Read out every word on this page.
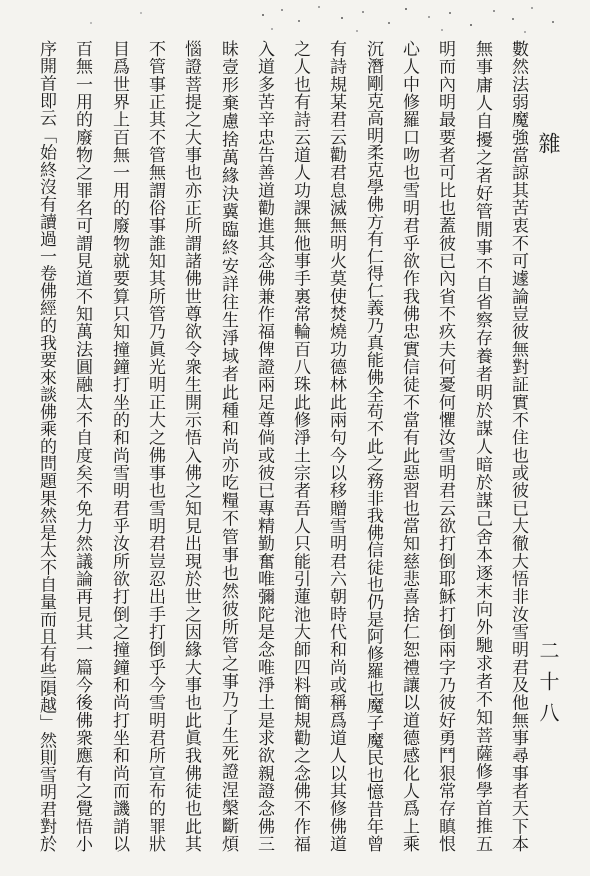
雜
二十八
數然法弱魔強當諒其苦衷不可遽論豈彼無對証實不住也或彼已大徹大悟非汝雪明君及他無事尋事者天下本
無事庸人自擾之者好管閒事不自省察存養者明於謀人暗於謀己舍本逐末向外馳求者不知菩薩修學首推五
明而內明最要者可比也蓋彼已內省不疚夫何憂何懼汝雪明君云欲打倒耶穌打倒兩字乃彼好勇鬥狠常存瞋恨
心人中修羅口吻也雪明君乎欲作我佛忠實信徒不當有此惡習也當知慈悲喜捨仁恕禮讓以道德感化人爲上乘
沉潛剛克高明柔克學佛方有仁得仁義乃真能佛全苟不此之務非我佛信徒也仍是阿修羅也魔子魔民也憶昔年曾
有詩規某君云勸君息滅無明火莫使焚燒功德林此兩句今以移贈雪明君六朝時代和尚或稱爲道人以其修佛道
之人也有詩云道人功課無他事手裏常輪百八珠此修淨土宗者吾人只能引蓮池大師四料簡規勸之念佛不作福
入道多苦辛忠告善道勸進其念佛兼作福俾證兩足尊倘或彼已專精勤奮唯彌陀是念唯淨土是求欲親證念佛三
昧壹形棄慮捨萬緣決冀臨終安詳往生淨域者此種和尚亦吃糧不管事也然彼所管之事乃了生死證涅槃斷煩
惱證菩提之大事也亦正所謂諸佛世尊欲令衆生開示悟入佛之知見出現於世之因緣大事也此眞我佛徒也此其
不管事正其不管無謂俗事誰知其所管乃眞光明正大之佛事也雪明君豈忍出手打倒乎今雪明君所宣布的罪狀
目爲世界上百無一用的廢物就要算只知撞鐘打坐的和尚雪明君乎汝所欲打倒之撞鐘和尚打坐和尚而譏誚以
百無一用的廢物之罪名可謂見道不知萬法圓融太不自度矣不免力然議論再見其一篇今後佛衆應有之覺悟小
序開首即云「始終沒有讀過一卷佛經的我要來談佛乘的問題果然是太不自量而且有些隕越」然則雪明君對於
